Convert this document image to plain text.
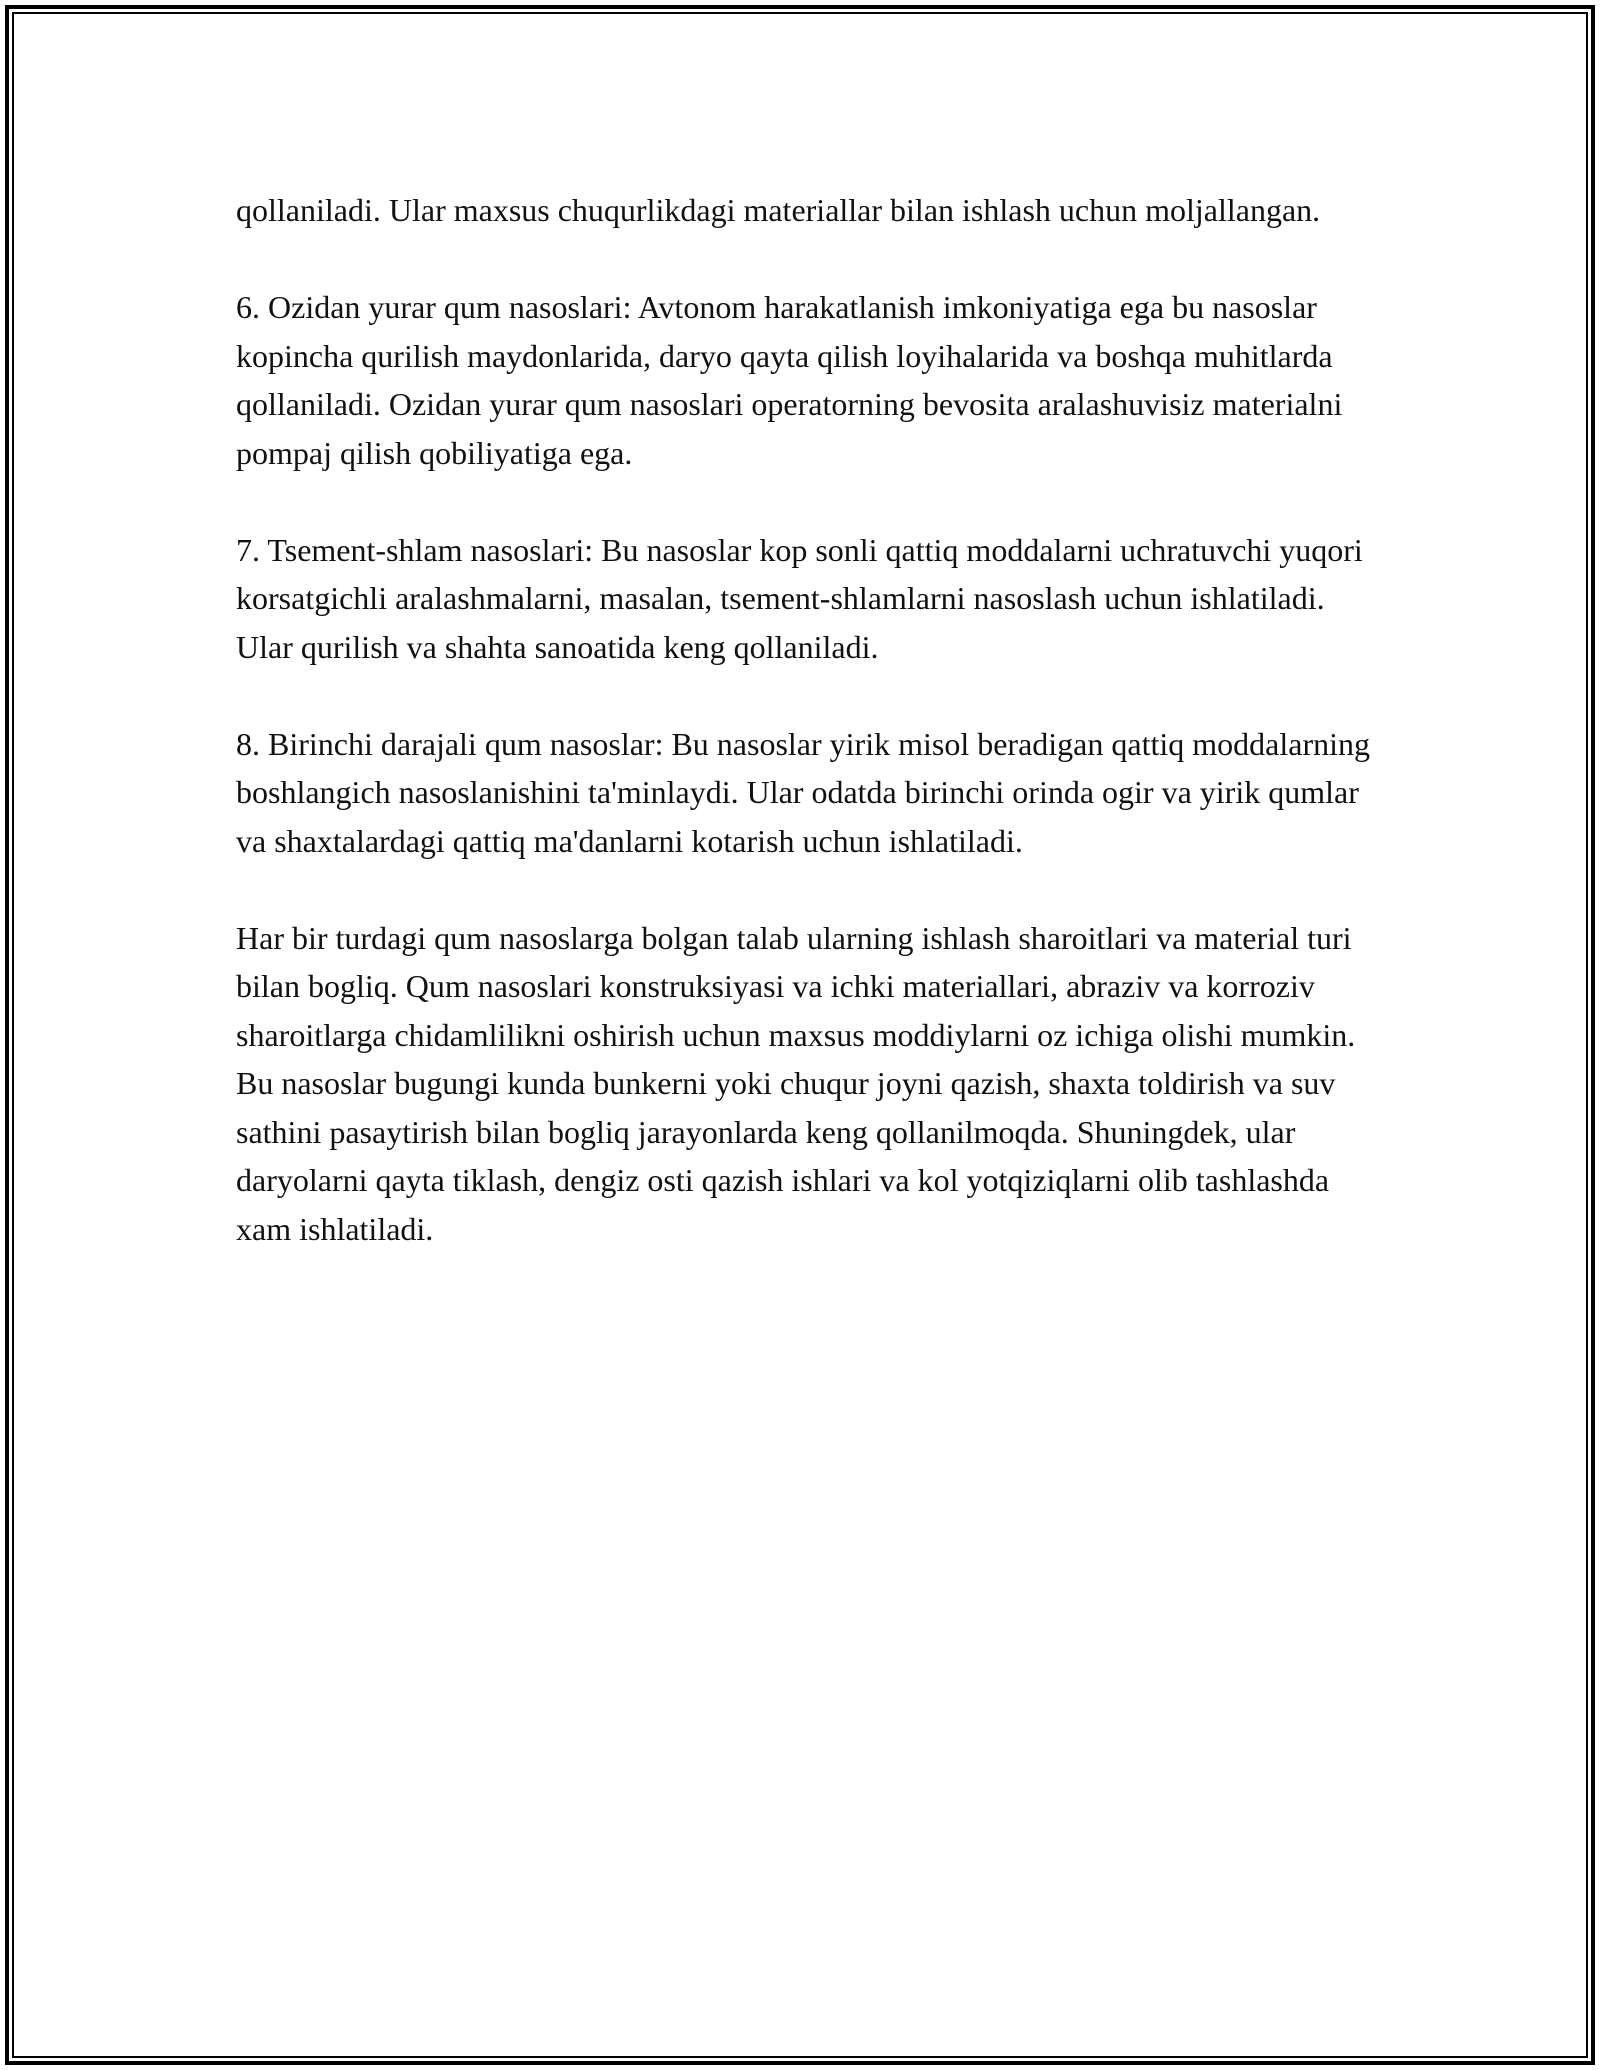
qollaniladi. Ular maxsus chuqurlikdagi materiallar bilan ishlash uchun moljallangan.

6. Ozidan yurar qum nasoslari: Avtonom harakatlanish imkoniyatiga ega bu nasoslar kopincha qurilish maydonlarida, daryo qayta qilish loyihalarida va boshqa muhitlarda qollaniladi. Ozidan yurar qum nasoslari operatorning bevosita aralashuvisiz materialni pompaj qilish qobiliyatiga ega.

7. Tsement-shlam nasoslari: Bu nasoslar kop sonli qattiq moddalarni uchratuvchi yuqori korsatgichli aralashmalarni, masalan, tsement-shlamlarni nasoslash uchun ishlatiladi. Ular qurilish va shahta sanoatida keng qollaniladi.

8. Birinchi darajali qum nasoslar: Bu nasoslar yirik misol beradigan qattiq moddalarning boshlangich nasoslanishini ta'minlaydi. Ular odatda birinchi orinda ogir va yirik qumlar va shaxtalardagi qattiq ma'danlarni kotarish uchun ishlatiladi.

Har bir turdagi qum nasoslarga bolgan talab ularning ishlash sharoitlari va material turi bilan bogliq. Qum nasoslari konstruksiyasi va ichki materiallari, abraziv va korroziv sharoitlarga chidamlilikni oshirish uchun maxsus moddiylarni oz ichiga olishi mumkin. Bu nasoslar bugungi kunda bunkerni yoki chuqur joyni qazish, shaxta toldirish va suv sathini pasaytirish bilan bogliq jarayonlarda keng qollanilmoqda. Shuningdek, ular daryolarni qayta tiklash, dengiz osti qazish ishlari va kol yotqiziqlarni olib tashlashda xam ishlatiladi.
